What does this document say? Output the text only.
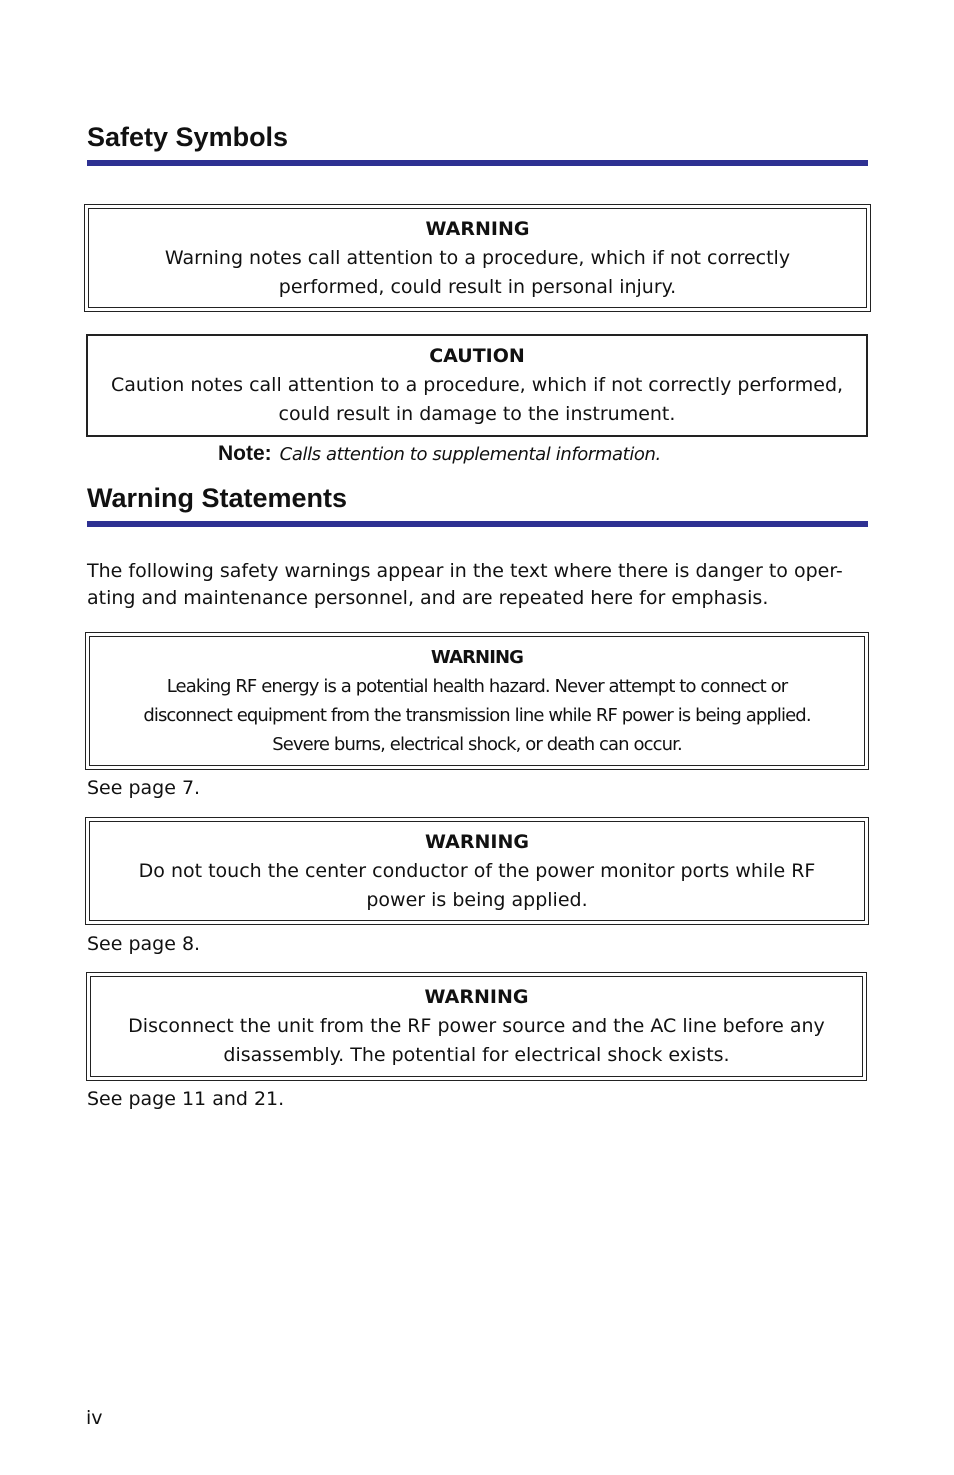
Safety Symbols
WARNING
Warning notes call attention to a procedure, which if not correctly
performed, could result in personal injury.
CAUTION
Caution notes call attention to a procedure, which if not correctly performed,
could result in damage to the instrument.
Note: Calls attention to supplemental information.
Warning Statements

The following safety warnings appear in the text where there is danger to oper-
ating and maintenance personnel, and are repeated here for emphasis.

WARNING
Leaking RF energy is a potential health hazard. Never attempt to connect or
disconnect equipment from the transmission line while RF power is being applied.
Severe burns, electrical shock, or death can occur.

See page 7.

WARNING
Do not touch the center conductor of the power monitor ports while RF
power is being applied.

See page 8.

WARNING
Disconnect the unit from the RF power source and the AC line before any
disassembly. The potential for electrical shock exists.

See page 11 and 21.

iv
